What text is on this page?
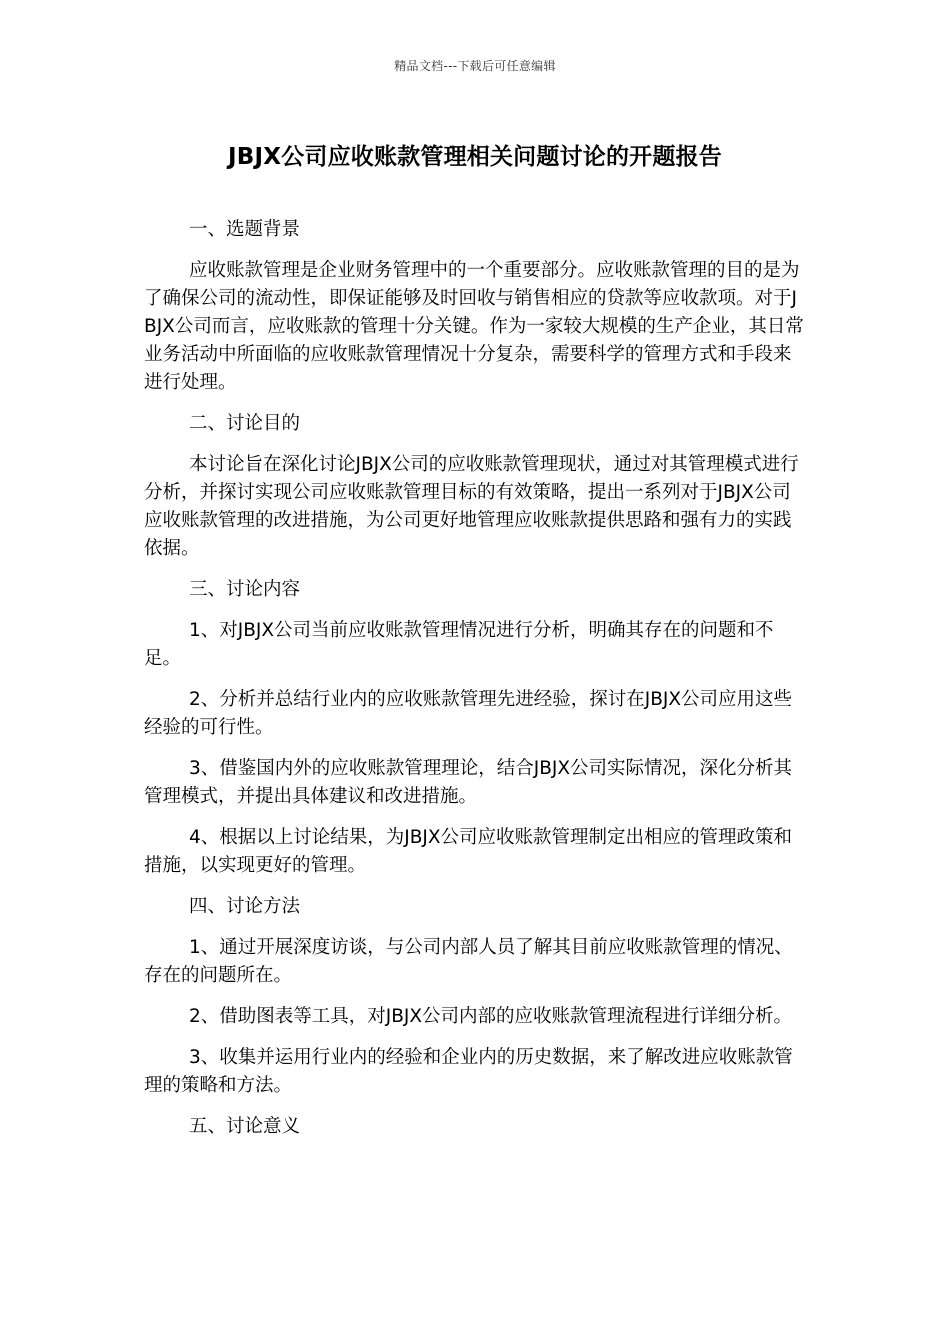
精品文档---下载后可任意编辑
JBJX公司应收账款管理相关问题讨论的开题报告

一、选题背景

应收账款管理是企业财务管理中的一个重要部分。应收账款管理的目的是为了确保公司的流动性，即保证能够及时回收与销售相应的贷款等应收款项。对于JBJX公司而言，应收账款的管理十分关键。作为一家较大规模的生产企业，其日常业务活动中所面临的应收账款管理情况十分复杂，需要科学的管理方式和手段来进行处理。

二、讨论目的

本讨论旨在深化讨论JBJX公司的应收账款管理现状，通过对其管理模式进行分析，并探讨实现公司应收账款管理目标的有效策略，提出一系列对于JBJX公司应收账款管理的改进措施，为公司更好地管理应收账款提供思路和强有力的实践依据。

三、讨论内容

1、对JBJX公司当前应收账款管理情况进行分析，明确其存在的问题和不足。

2、分析并总结行业内的应收账款管理先进经验，探讨在JBJX公司应用这些经验的可行性。

3、借鉴国内外的应收账款管理理论，结合JBJX公司实际情况，深化分析其管理模式，并提出具体建议和改进措施。

4、根据以上讨论结果，为JBJX公司应收账款管理制定出相应的管理政策和措施，以实现更好的管理。

四、讨论方法

1、通过开展深度访谈，与公司内部人员了解其目前应收账款管理的情况、存在的问题所在。

2、借助图表等工具，对JBJX公司内部的应收账款管理流程进行详细分析。

3、收集并运用行业内的经验和企业内的历史数据，来了解改进应收账款管理的策略和方法。

五、讨论意义
